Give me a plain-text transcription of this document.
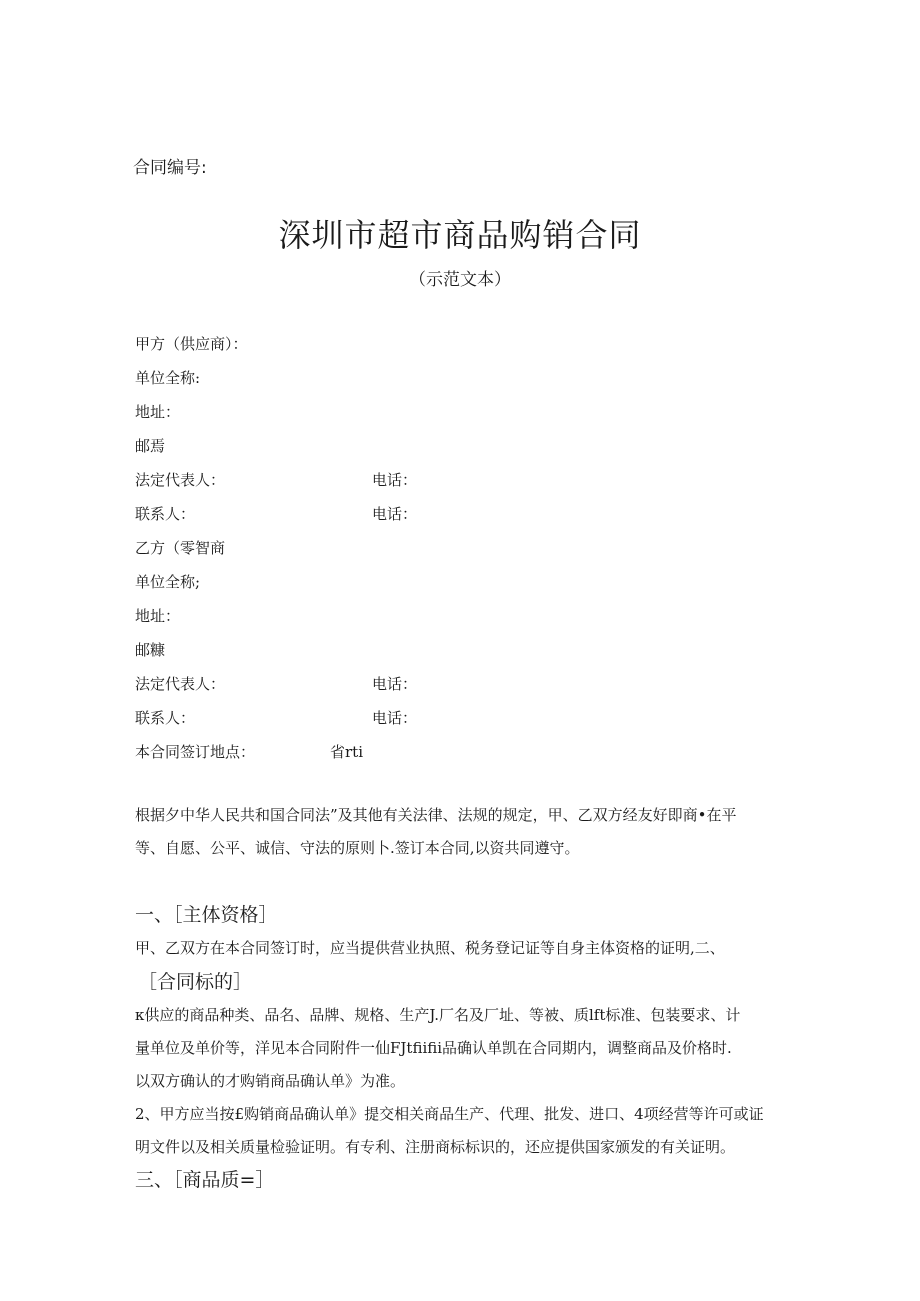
合同编号:
深圳市超市商品购销合同
（示范文本）
甲方（供应商）：
单位全称:
地址：
邮焉
法定代表人：	电话：
联系人：	电话：
乙方（零智商
单位全称;
地址：
邮糠
法定代表人：	电话：
联系人：	电话：
本合同签订地点：	省rti
根据夕中华人民共和国合同法”及其他有关法律、法规的规定，甲、乙双方经友好即商•在平
等、自愿、公平、诚信、守法的原则卜.签订本合同,以资共同遵守。
一、［主体资格］
甲、乙双方在本合同签订时，应当提供营业执照、税务登记证等自身主体资格的证明,二、
［合同标的］
κ供应的商品种类、品名、品牌、规格、生产J.厂名及厂址、等被、质lft标准、包装要求、计
量单位及单价等，洋见本合同附件一仙FJtfiifii品确认单凯在合同期内，调整商品及价格时.
以双方确认的才购销商品确认单》为准。
2、甲方应当按£购销商品确认单》提交相关商品生产、代理、批发、进口、4项经营等许可或证
明文件以及相关质量检验证明。有专利、注册商标标识的，还应提供国家颁发的有关证明。
三、［商品质=］
